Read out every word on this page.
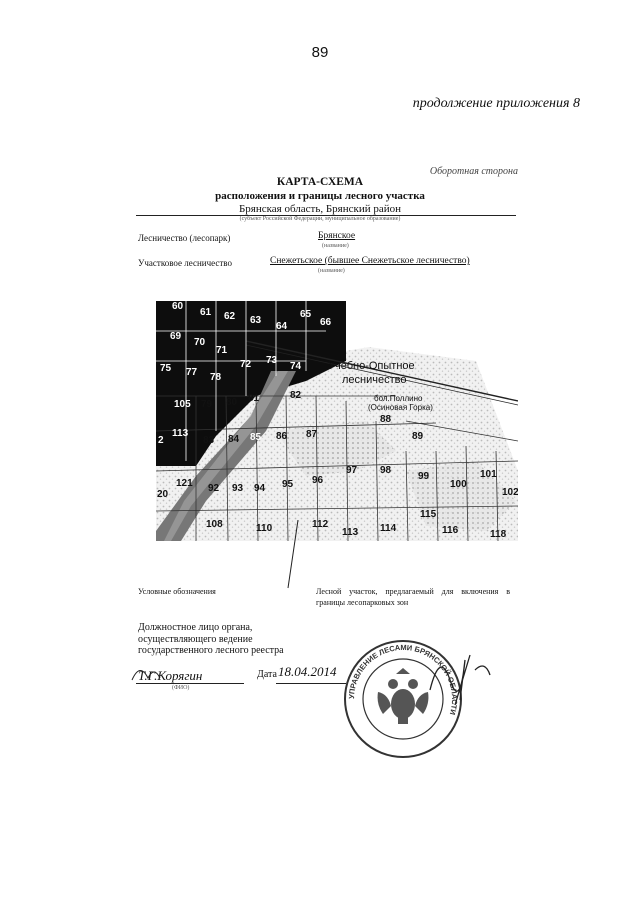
89
продолжение приложения 8
Оборотная сторона
КАРТА-СХЕМА
расположения и границы лесного участка
Брянская область, Брянский район
(субъект Российской Федерации, муниципальное образование)
Лесничество (лесопарк)	Брянское
(название)
Участковое лесничество	Снежетьское (бывшее Снежетьское лесничество)
(название)
60
61 62 63
64
65
66
69
70
71
72 73
74
75 77 78
105 79 80 81	82
88
2
113
83 84 85 86 87	89
20
121 92 93 94 95 96
97 98
99
100
101
102
115
108	110	112
113 114	116	118
Учебно-Опытное
лесничество
бол.Поллино
(Осиновая Горка)
Условные обозначения	Лесной участок, предлагаемый для включения в границы лесопарковых зон
Должностное лицо органа, осуществляющего ведение государственного лесного реестра
Т.Г.Корягин
(ФИО)
Дата 18.04.2014
УПРАВЛЕНИЕ ЛЕСАМИ БРЯНСКОЙ ОБЛАСТИ
